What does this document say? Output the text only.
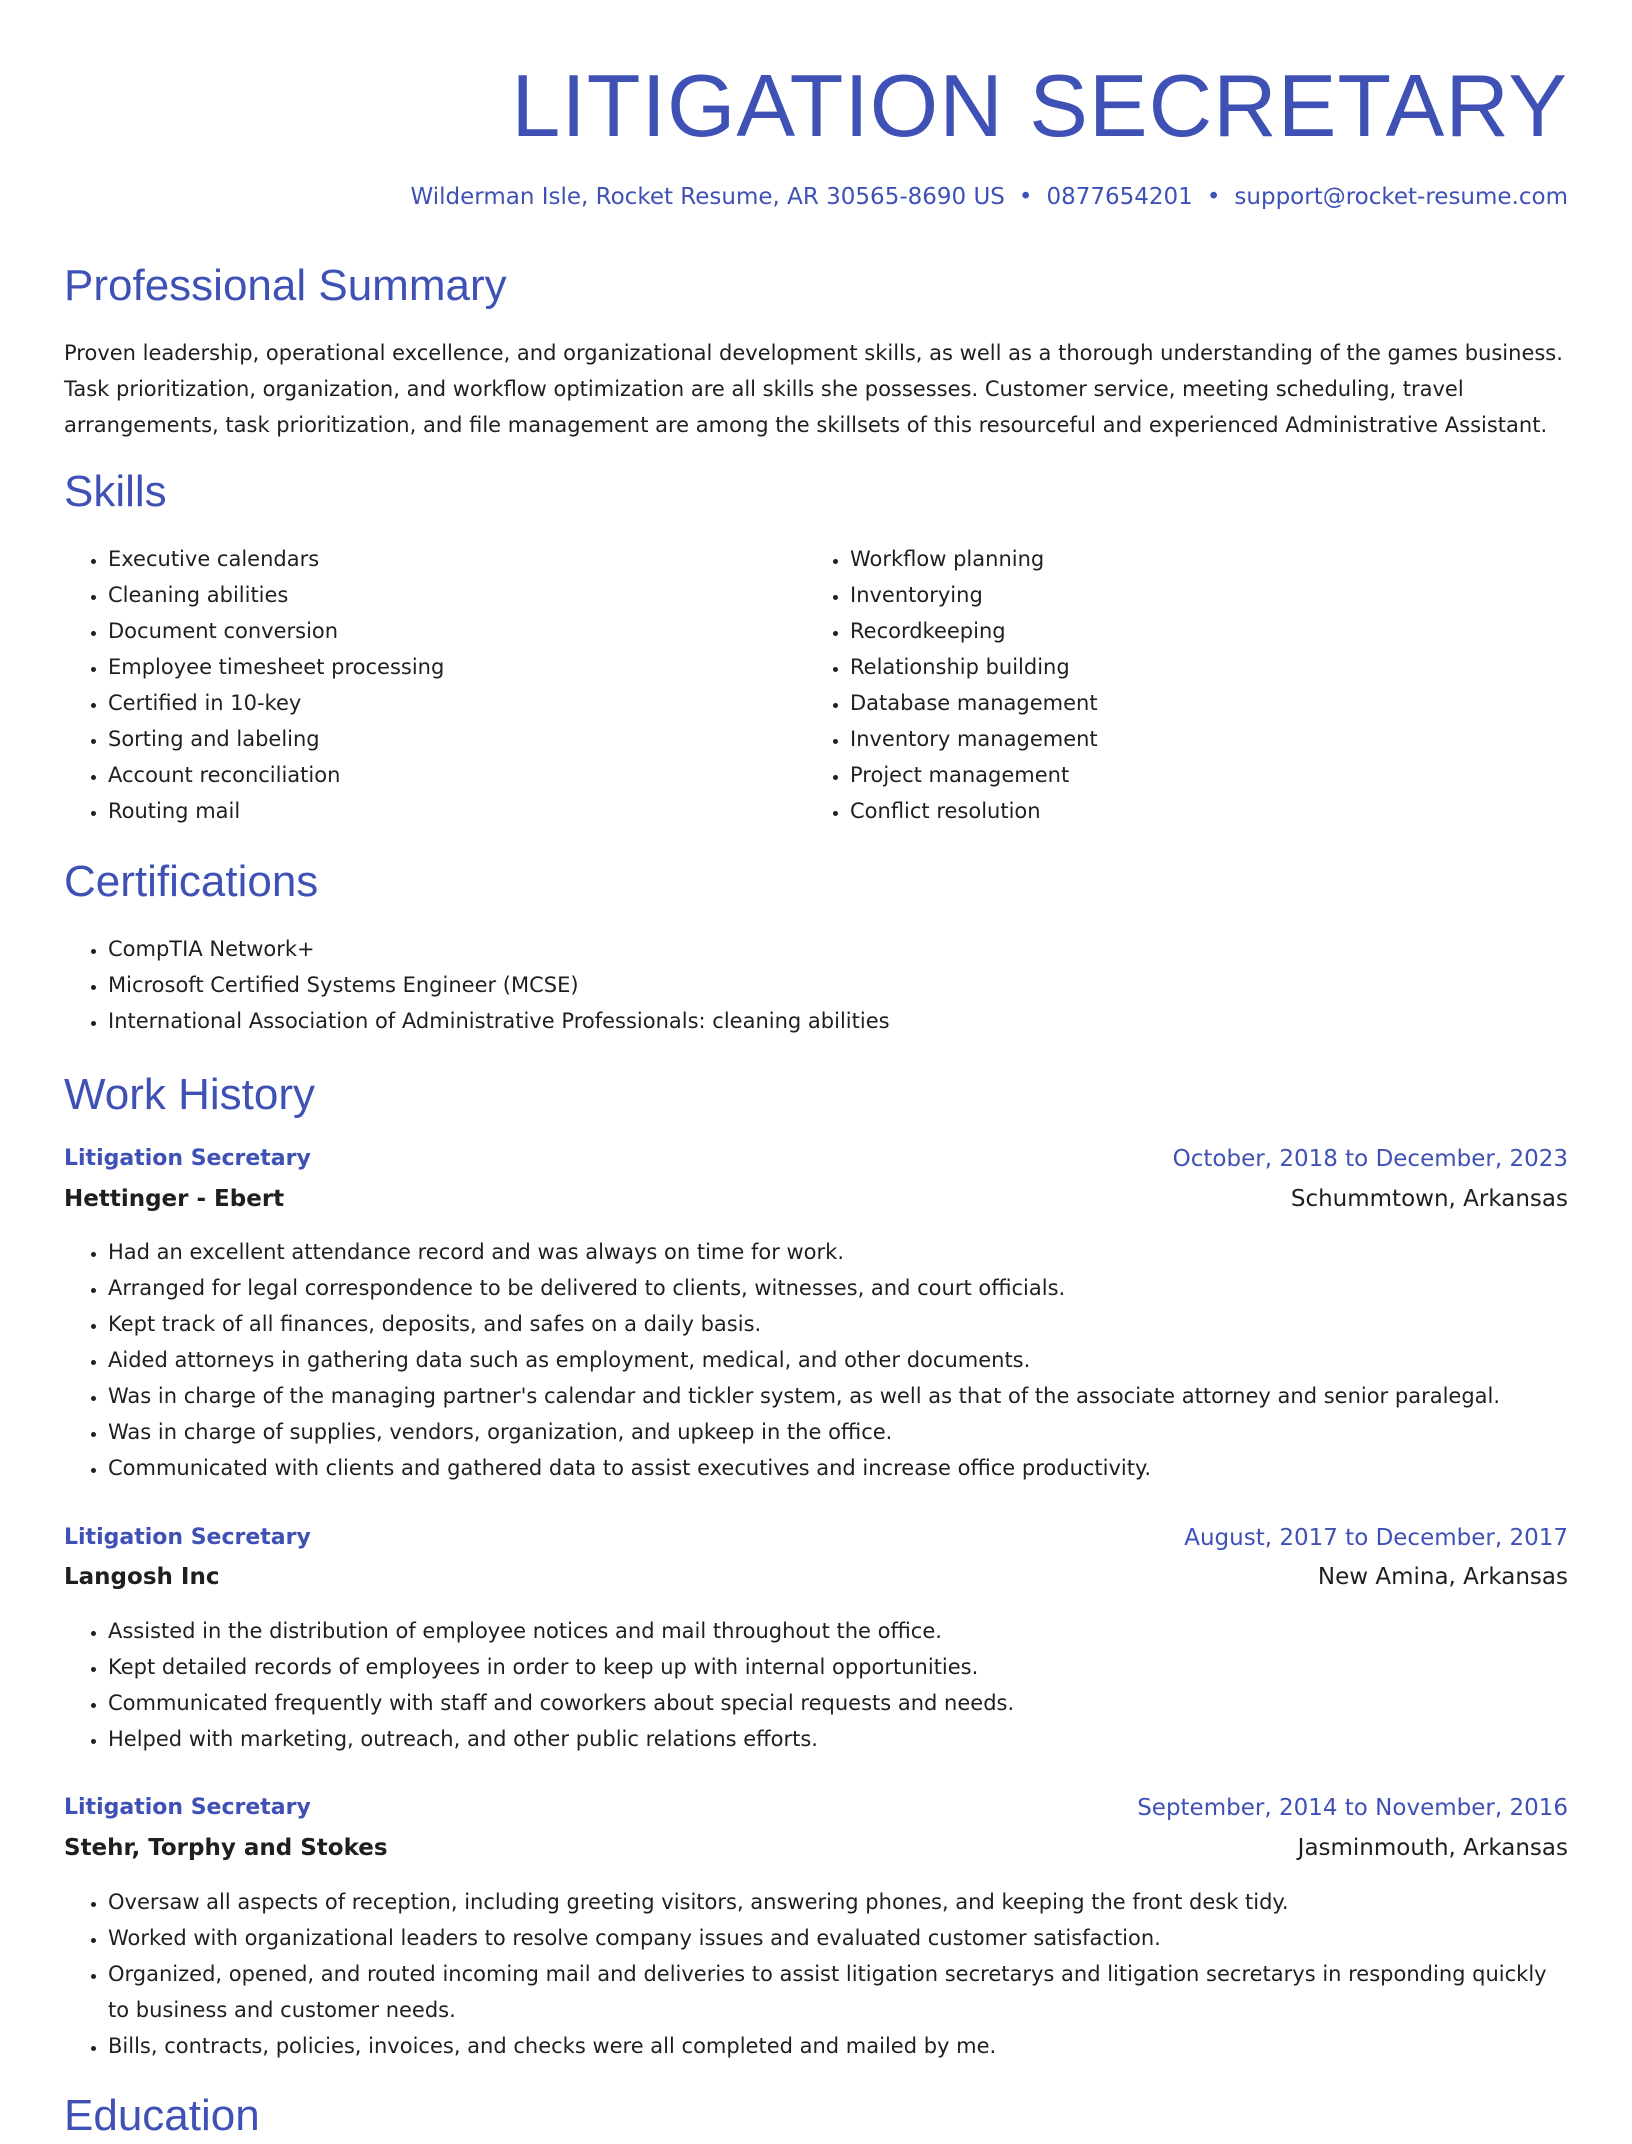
LITIGATION SECRETARY
Wilderman Isle, Rocket Resume, AR 30565-8690 US • 0877654201 • support@rocket-resume.com
Professional Summary

Proven leadership, operational excellence, and organizational development skills, as well as a thorough understanding of the games business. Task prioritization, organization, and workflow optimization are all skills she possesses. Customer service, meeting scheduling, travel arrangements, task prioritization, and file management are among the skillsets of this resourceful and experienced Administrative Assistant.

Skills
• Executive calendars
• Cleaning abilities
• Document conversion
• Employee timesheet processing
• Certified in 10-key
• Sorting and labeling
• Account reconciliation
• Routing mail
• Workflow planning
• Inventorying
• Recordkeeping
• Relationship building
• Database management
• Inventory management
• Project management
• Conflict resolution
Certifications
• CompTIA Network+
• Microsoft Certified Systems Engineer (MCSE)
• International Association of Administrative Professionals: cleaning abilities
Work History
Litigation Secretary	October, 2018 to December, 2023
Hettinger - Ebert	Schummtown, Arkansas
• Had an excellent attendance record and was always on time for work.
• Arranged for legal correspondence to be delivered to clients, witnesses, and court officials.
• Kept track of all finances, deposits, and safes on a daily basis.
• Aided attorneys in gathering data such as employment, medical, and other documents.
• Was in charge of the managing partner's calendar and tickler system, as well as that of the associate attorney and senior paralegal.
• Was in charge of supplies, vendors, organization, and upkeep in the office.
• Communicated with clients and gathered data to assist executives and increase office productivity.
Litigation Secretary	August, 2017 to December, 2017
Langosh Inc	New Amina, Arkansas
• Assisted in the distribution of employee notices and mail throughout the office.
• Kept detailed records of employees in order to keep up with internal opportunities.
• Communicated frequently with staff and coworkers about special requests and needs.
• Helped with marketing, outreach, and other public relations efforts.
Litigation Secretary	September, 2014 to November, 2016
Stehr, Torphy and Stokes	Jasminmouth, Arkansas
• Oversaw all aspects of reception, including greeting visitors, answering phones, and keeping the front desk tidy.
• Worked with organizational leaders to resolve company issues and evaluated customer satisfaction.
• Organized, opened, and routed incoming mail and deliveries to assist litigation secretarys and litigation secretarys in responding quickly to business and customer needs.
• Bills, contracts, policies, invoices, and checks were all completed and mailed by me.
Education
